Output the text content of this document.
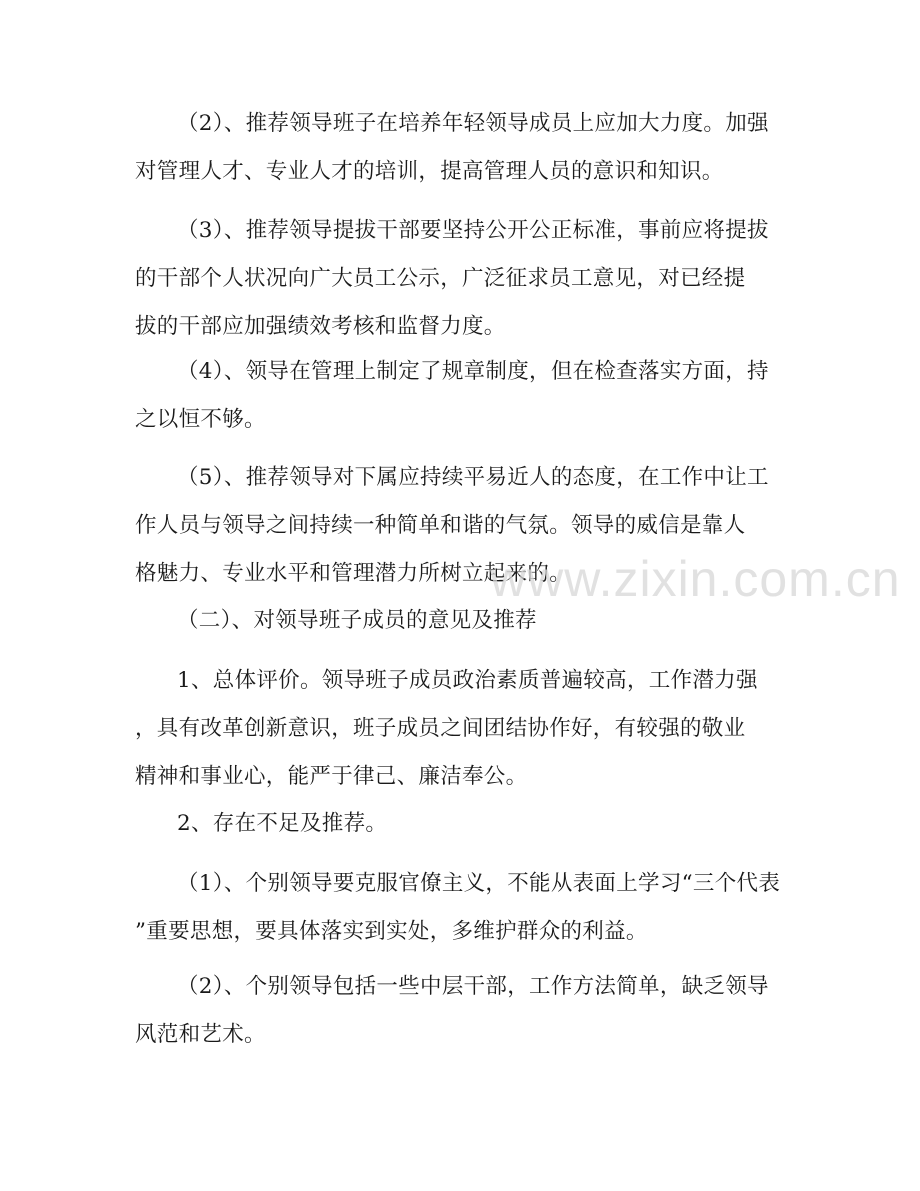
（2）、推荐领导班子在培养年轻领导成员上应加大力度。加强
对管理人才、专业人才的培训，提高管理人员的意识和知识。
（3）、推荐领导提拔干部要坚持公开公正标准，事前应将提拔
的干部个人状况向广大员工公示，广泛征求员工意见，对已经提
拔的干部应加强绩效考核和监督力度。
（4）、领导在管理上制定了规章制度，但在检查落实方面，持
之以恒不够。
（5）、推荐领导对下属应持续平易近人的态度，在工作中让工
作人员与领导之间持续一种简单和谐的气氛。领导的威信是靠人
格魅力、专业水平和管理潜力所树立起来的。
（二）、对领导班子成员的意见及推荐
1、总体评价。领导班子成员政治素质普遍较高，工作潜力强
，具有改革创新意识，班子成员之间团结协作好，有较强的敬业
精神和事业心，能严于律己、廉洁奉公。
2、存在不足及推荐。
（1）、个别领导要克服官僚主义，不能从表面上学习“三个代表
”重要思想，要具体落实到实处，多维护群众的利益。
（2）、个别领导包括一些中层干部，工作方法简单，缺乏领导
风范和艺术。
www.zixin.com.cn
